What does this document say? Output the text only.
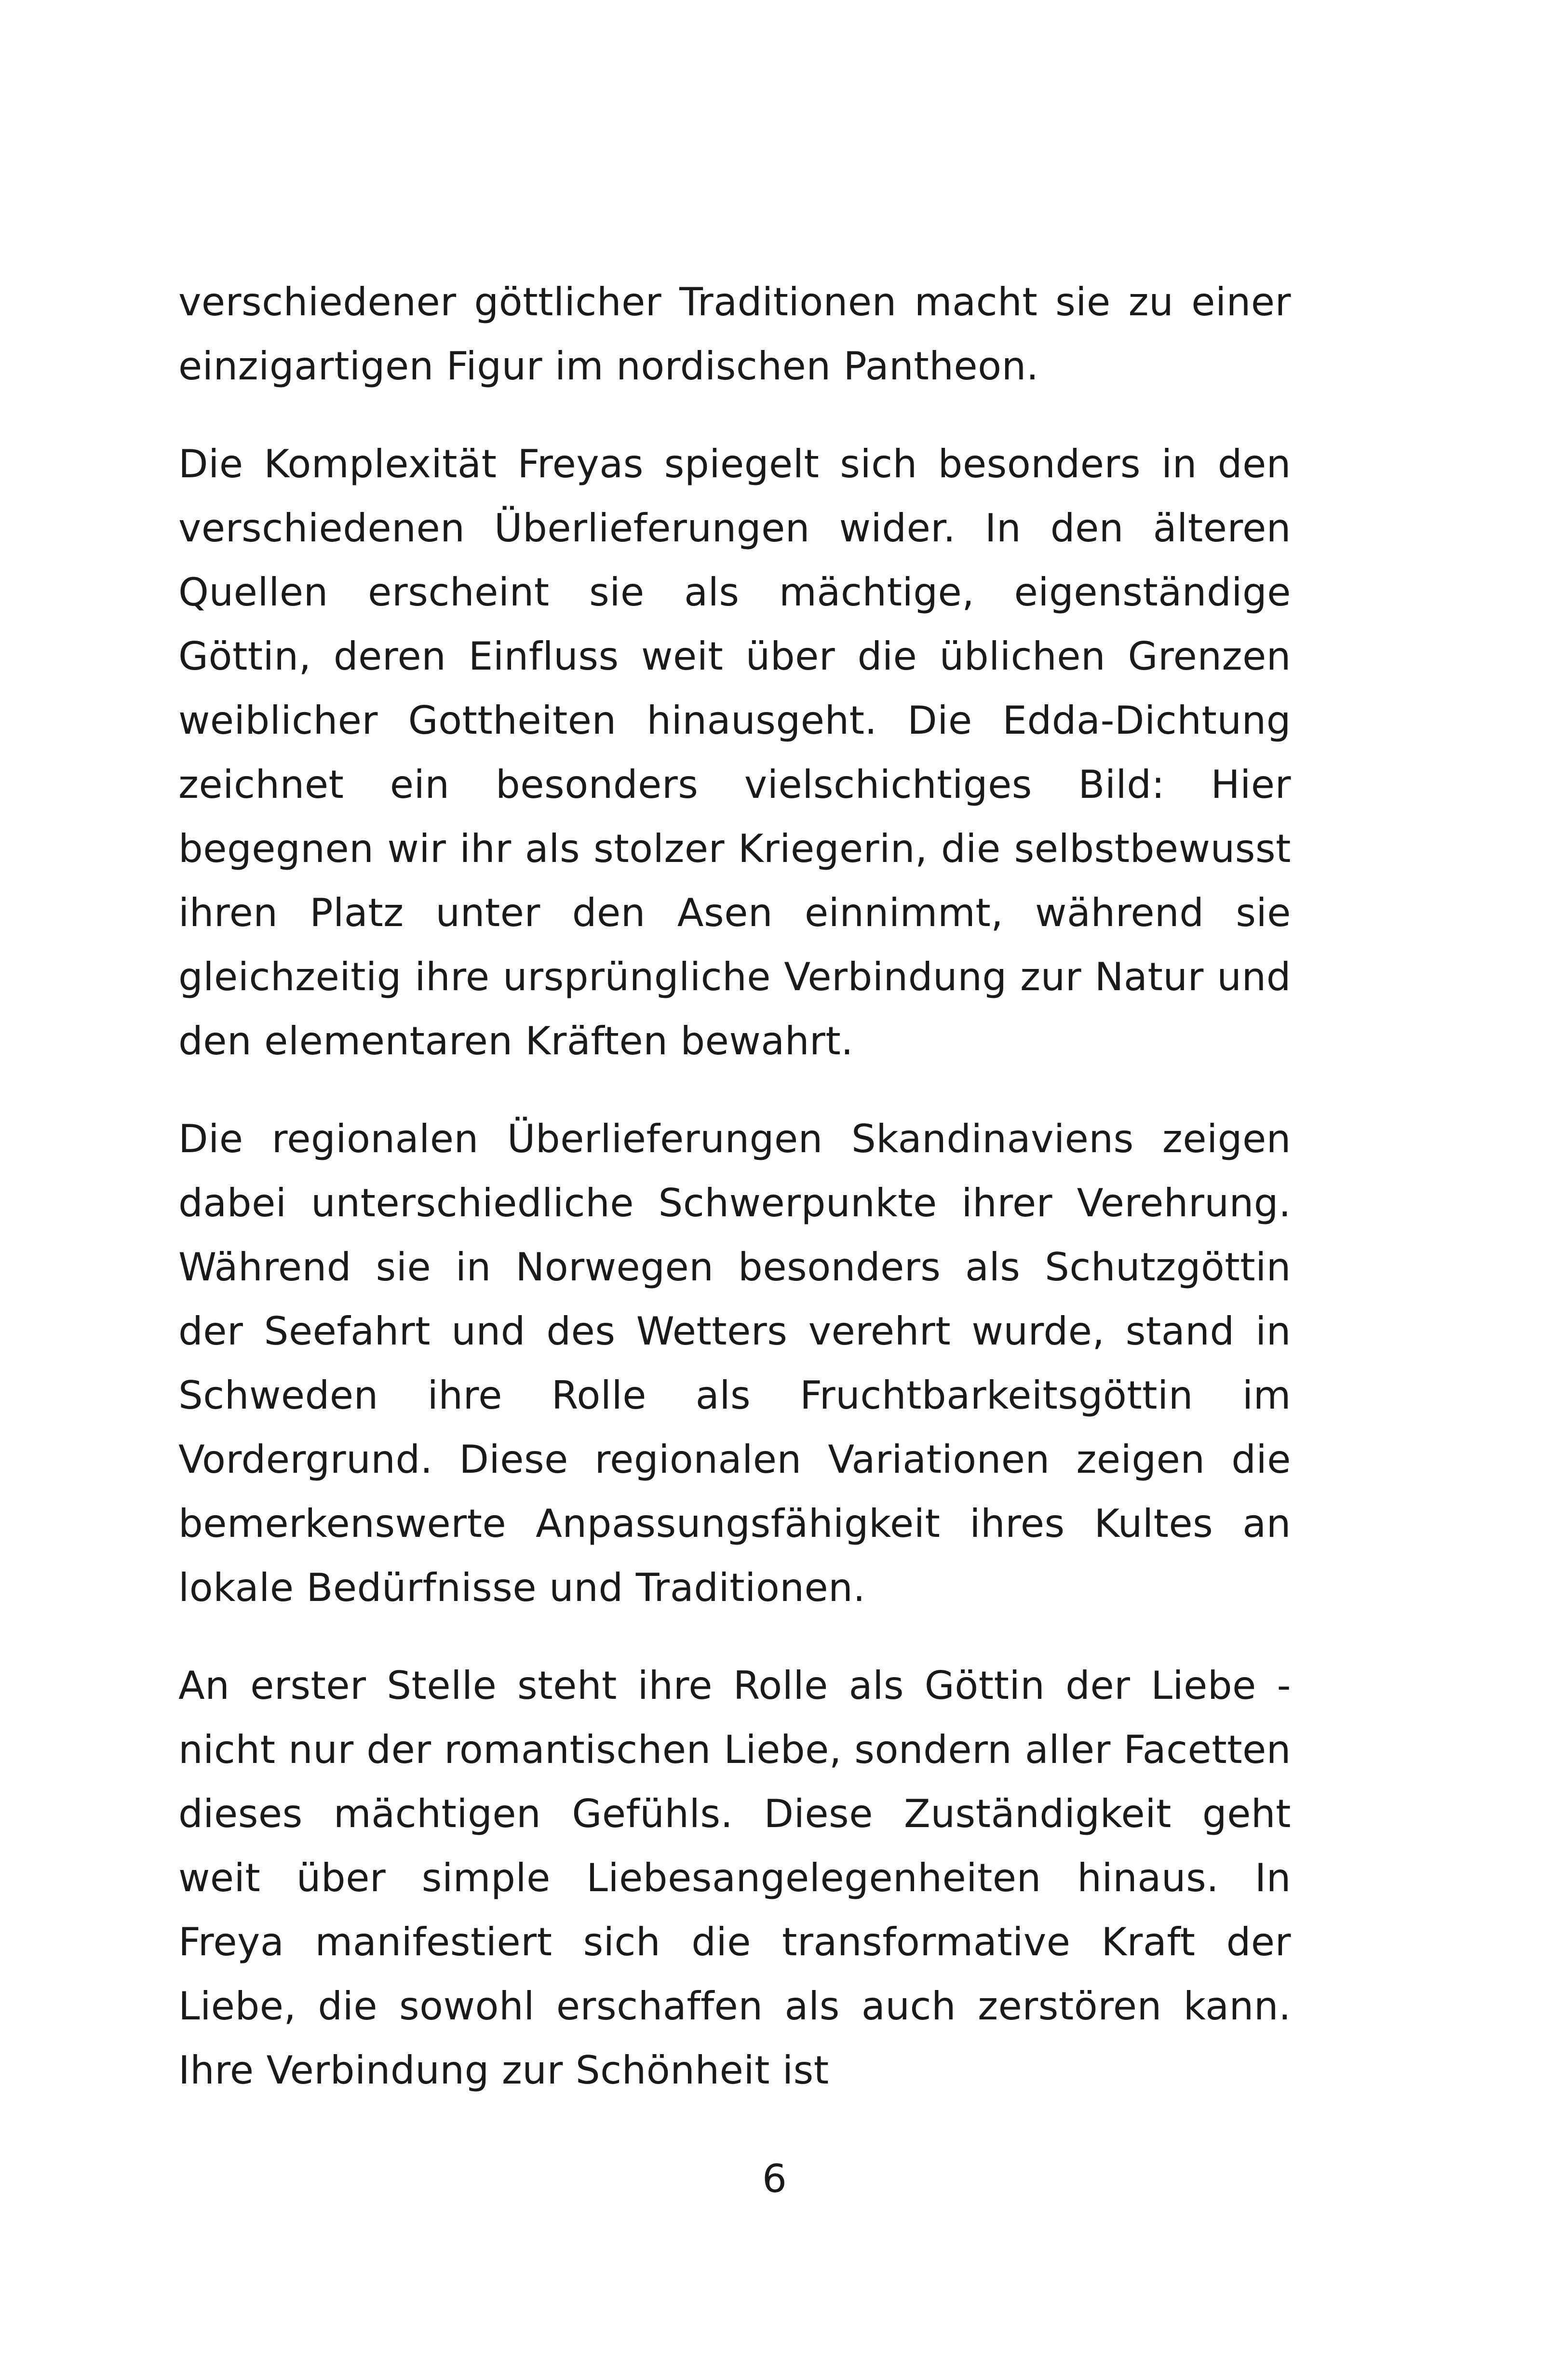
verschiedener göttlicher Traditionen macht sie zu einer einzigartigen Figur im nordischen Pantheon.

Die Komplexität Freyas spiegelt sich besonders in den verschiedenen Überlieferungen wider. In den älteren Quellen erscheint sie als mächtige, eigenständige Göttin, deren Einfluss weit über die üblichen Grenzen weiblicher Gottheiten hinausgeht. Die Edda-Dichtung zeichnet ein besonders vielschichtiges Bild: Hier begegnen wir ihr als stolzer Kriegerin, die selbstbewusst ihren Platz unter den Asen einnimmt, während sie gleichzeitig ihre ursprüngliche Verbindung zur Natur und den elementaren Kräften bewahrt.

Die regionalen Überlieferungen Skandinaviens zeigen dabei unterschiedliche Schwerpunkte ihrer Verehrung. Während sie in Norwegen besonders als Schutzgöttin der Seefahrt und des Wetters verehrt wurde, stand in Schweden ihre Rolle als Fruchtbarkeitsgöttin im Vordergrund. Diese regionalen Variationen zeigen die bemerkenswerte Anpassungsfähigkeit ihres Kultes an lokale Bedürfnisse und Traditionen.

An erster Stelle steht ihre Rolle als Göttin der Liebe - nicht nur der romantischen Liebe, sondern aller Facetten dieses mächtigen Gefühls. Diese Zuständigkeit geht weit über simple Liebesangelegenheiten hinaus. In Freya manifestiert sich die transformative Kraft der Liebe, die sowohl erschaffen als auch zerstören kann. Ihre Verbindung zur Schönheit ist

6
